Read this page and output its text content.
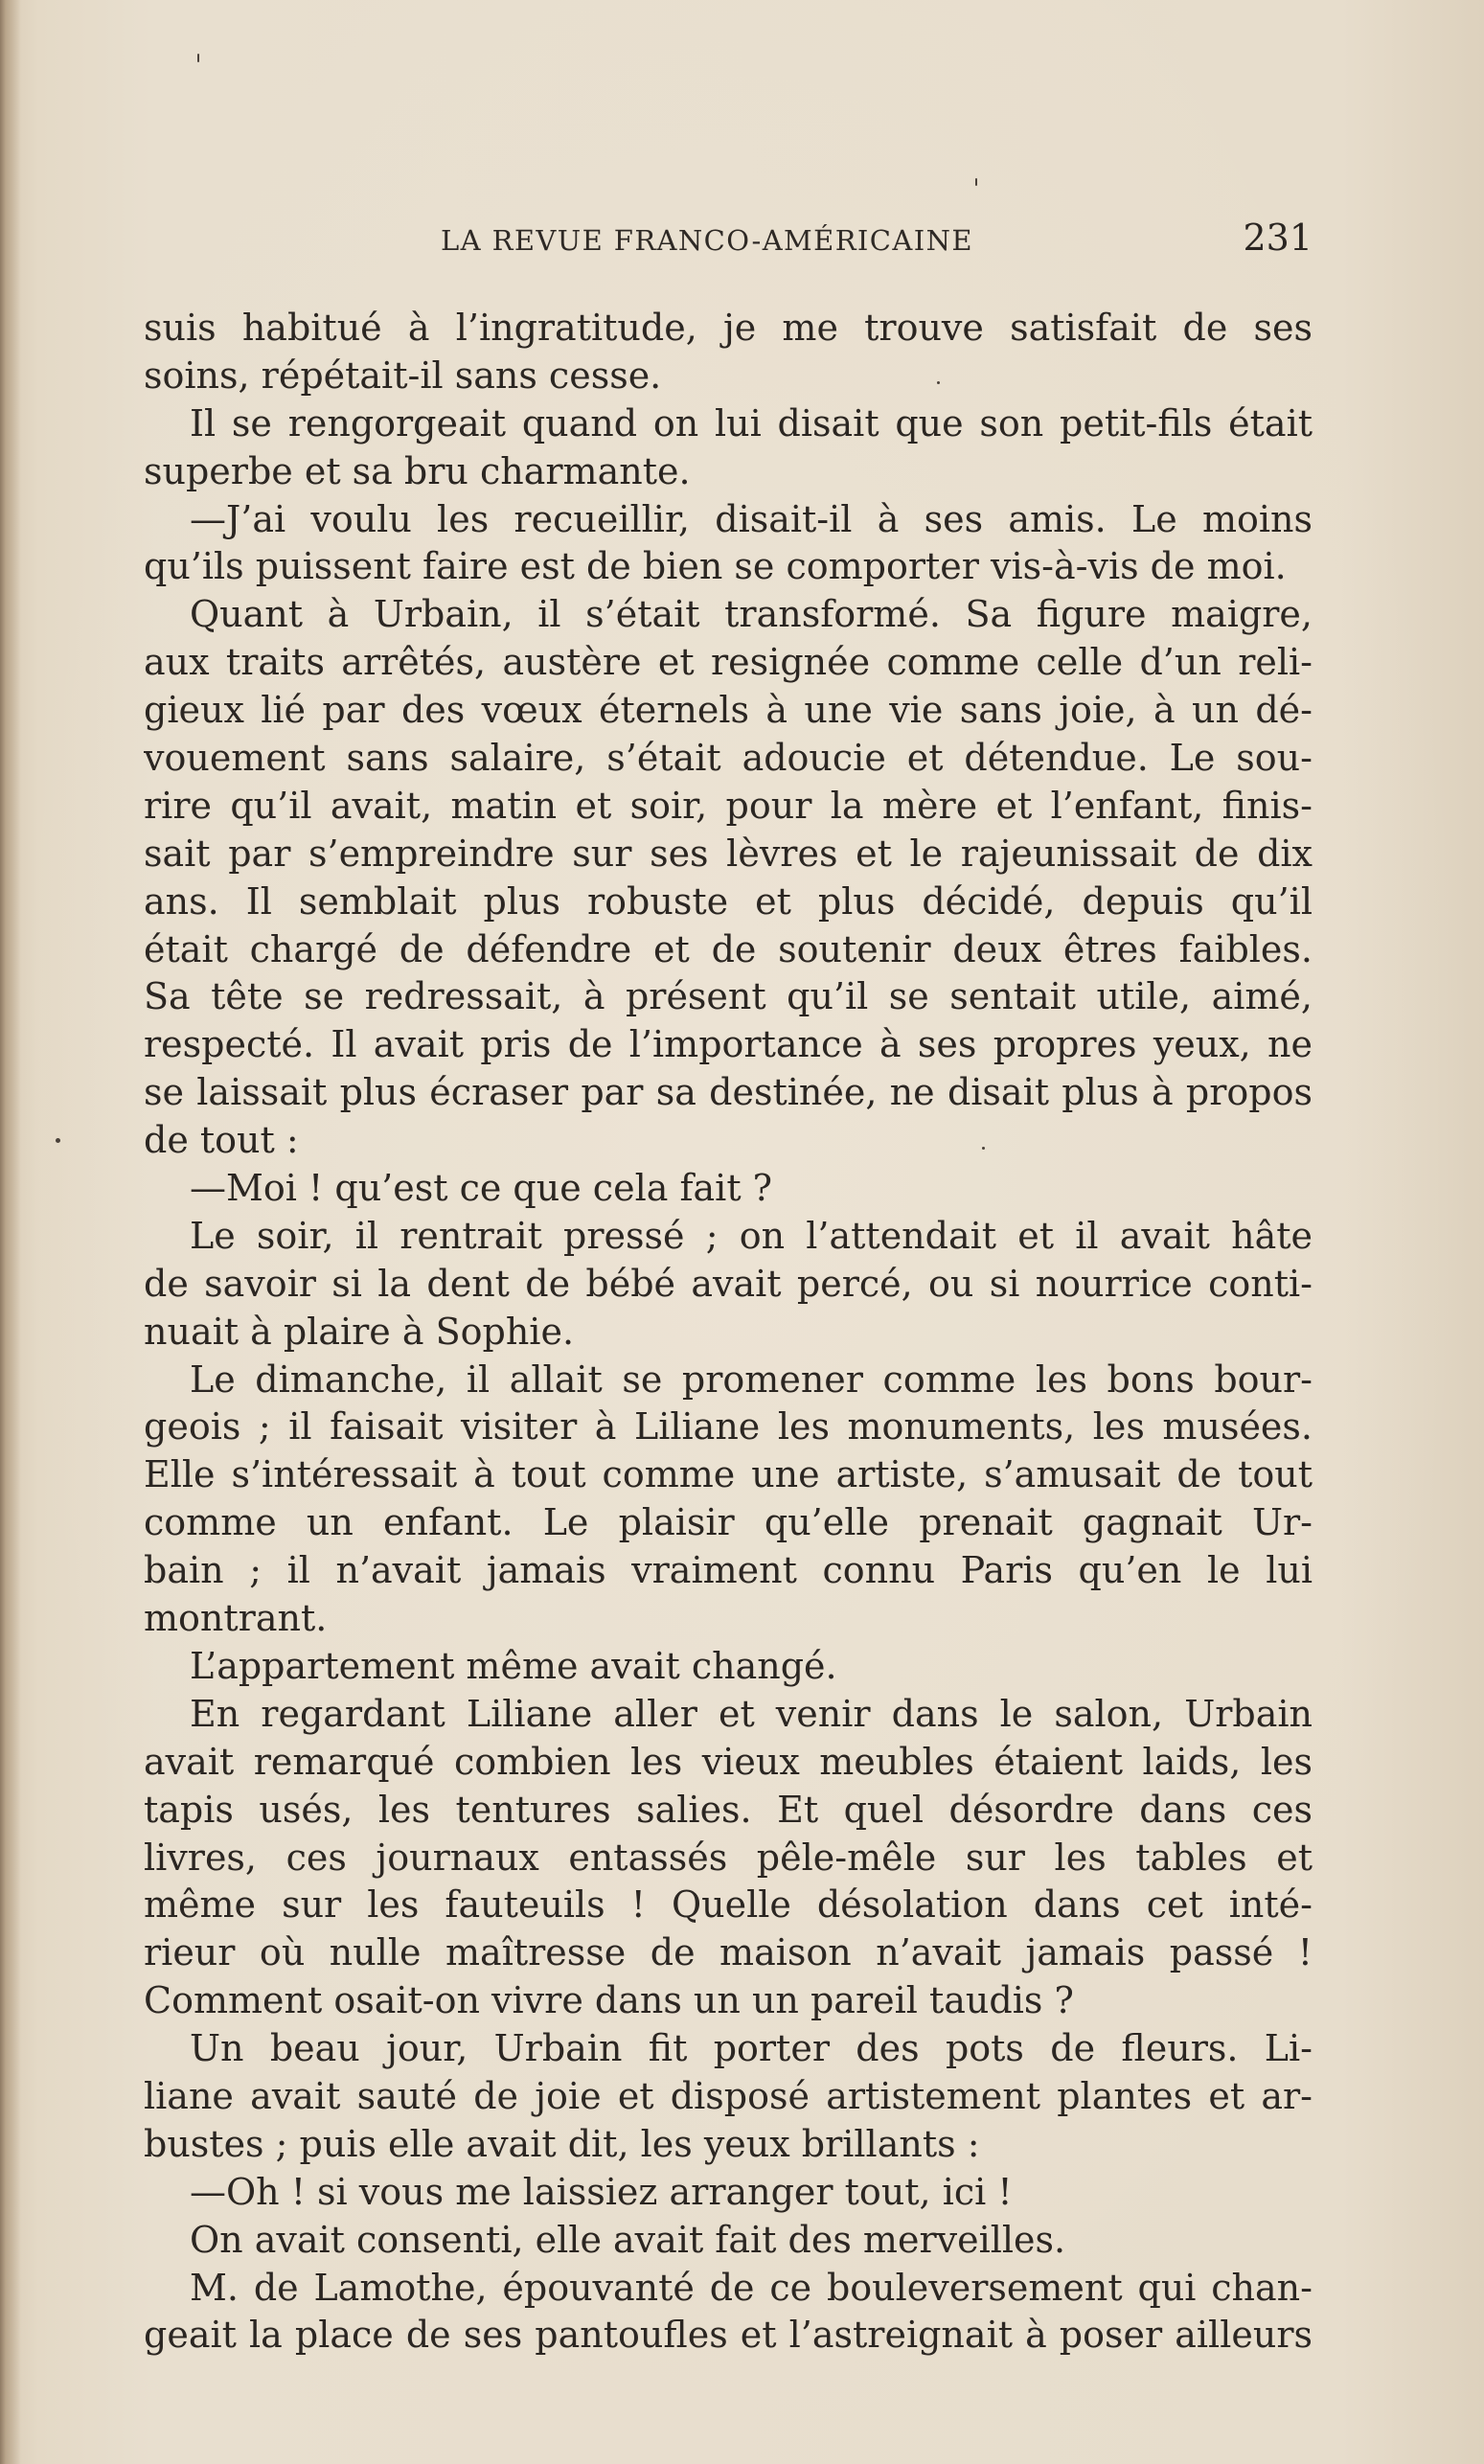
LA REVUE FRANCO-AMÉRICAINE	231
suis habitué à l’ingratitude, je me trouve satisfait de ses
soins, répétait-il sans cesse.
Il se rengorgeait quand on lui disait que son petit-fils était
superbe et sa bru charmante.
—J’ai voulu les recueillir, disait-il à ses amis. Le moins
qu’ils puissent faire est de bien se comporter vis-à-vis de moi.
Quant à Urbain, il s’était transformé. Sa figure maigre,
aux traits arrêtés, austère et resignée comme celle d’un reli-
gieux lié par des vœux éternels à une vie sans joie, à un dé-
vouement sans salaire, s’était adoucie et détendue. Le sou-
rire qu’il avait, matin et soir, pour la mère et l’enfant, finis-
sait par s’empreindre sur ses lèvres et le rajeunissait de dix
ans. Il semblait plus robuste et plus décidé, depuis qu’il
était chargé de défendre et de soutenir deux êtres faibles.
Sa tête se redressait, à présent qu’il se sentait utile, aimé,
respecté. Il avait pris de l’importance à ses propres yeux, ne
se laissait plus écraser par sa destinée, ne disait plus à propos
de tout :
—Moi ! qu’est ce que cela fait ?
Le soir, il rentrait pressé ; on l’attendait et il avait hâte
de savoir si la dent de bébé avait percé, ou si nourrice conti-
nuait à plaire à Sophie.
Le dimanche, il allait se promener comme les bons bour-
geois ; il faisait visiter à Liliane les monuments, les musées.
Elle s’intéressait à tout comme une artiste, s’amusait de tout
comme un enfant. Le plaisir qu’elle prenait gagnait Ur-
bain ; il n’avait jamais vraiment connu Paris qu’en le lui
montrant.
L’appartement même avait changé.
En regardant Liliane aller et venir dans le salon, Urbain
avait remarqué combien les vieux meubles étaient laids, les
tapis usés, les tentures salies. Et quel désordre dans ces
livres, ces journaux entassés pêle-mêle sur les tables et
même sur les fauteuils ! Quelle désolation dans cet inté-
rieur où nulle maîtresse de maison n’avait jamais passé !
Comment osait-on vivre dans un un pareil taudis ?
Un beau jour, Urbain fit porter des pots de fleurs. Li-
liane avait sauté de joie et disposé artistement plantes et ar-
bustes ; puis elle avait dit, les yeux brillants :
—Oh ! si vous me laissiez arranger tout, ici !
On avait consenti, elle avait fait des merveilles.
M. de Lamothe, épouvanté de ce bouleversement qui chan-
geait la place de ses pantoufles et l’astreignait à poser ailleurs
